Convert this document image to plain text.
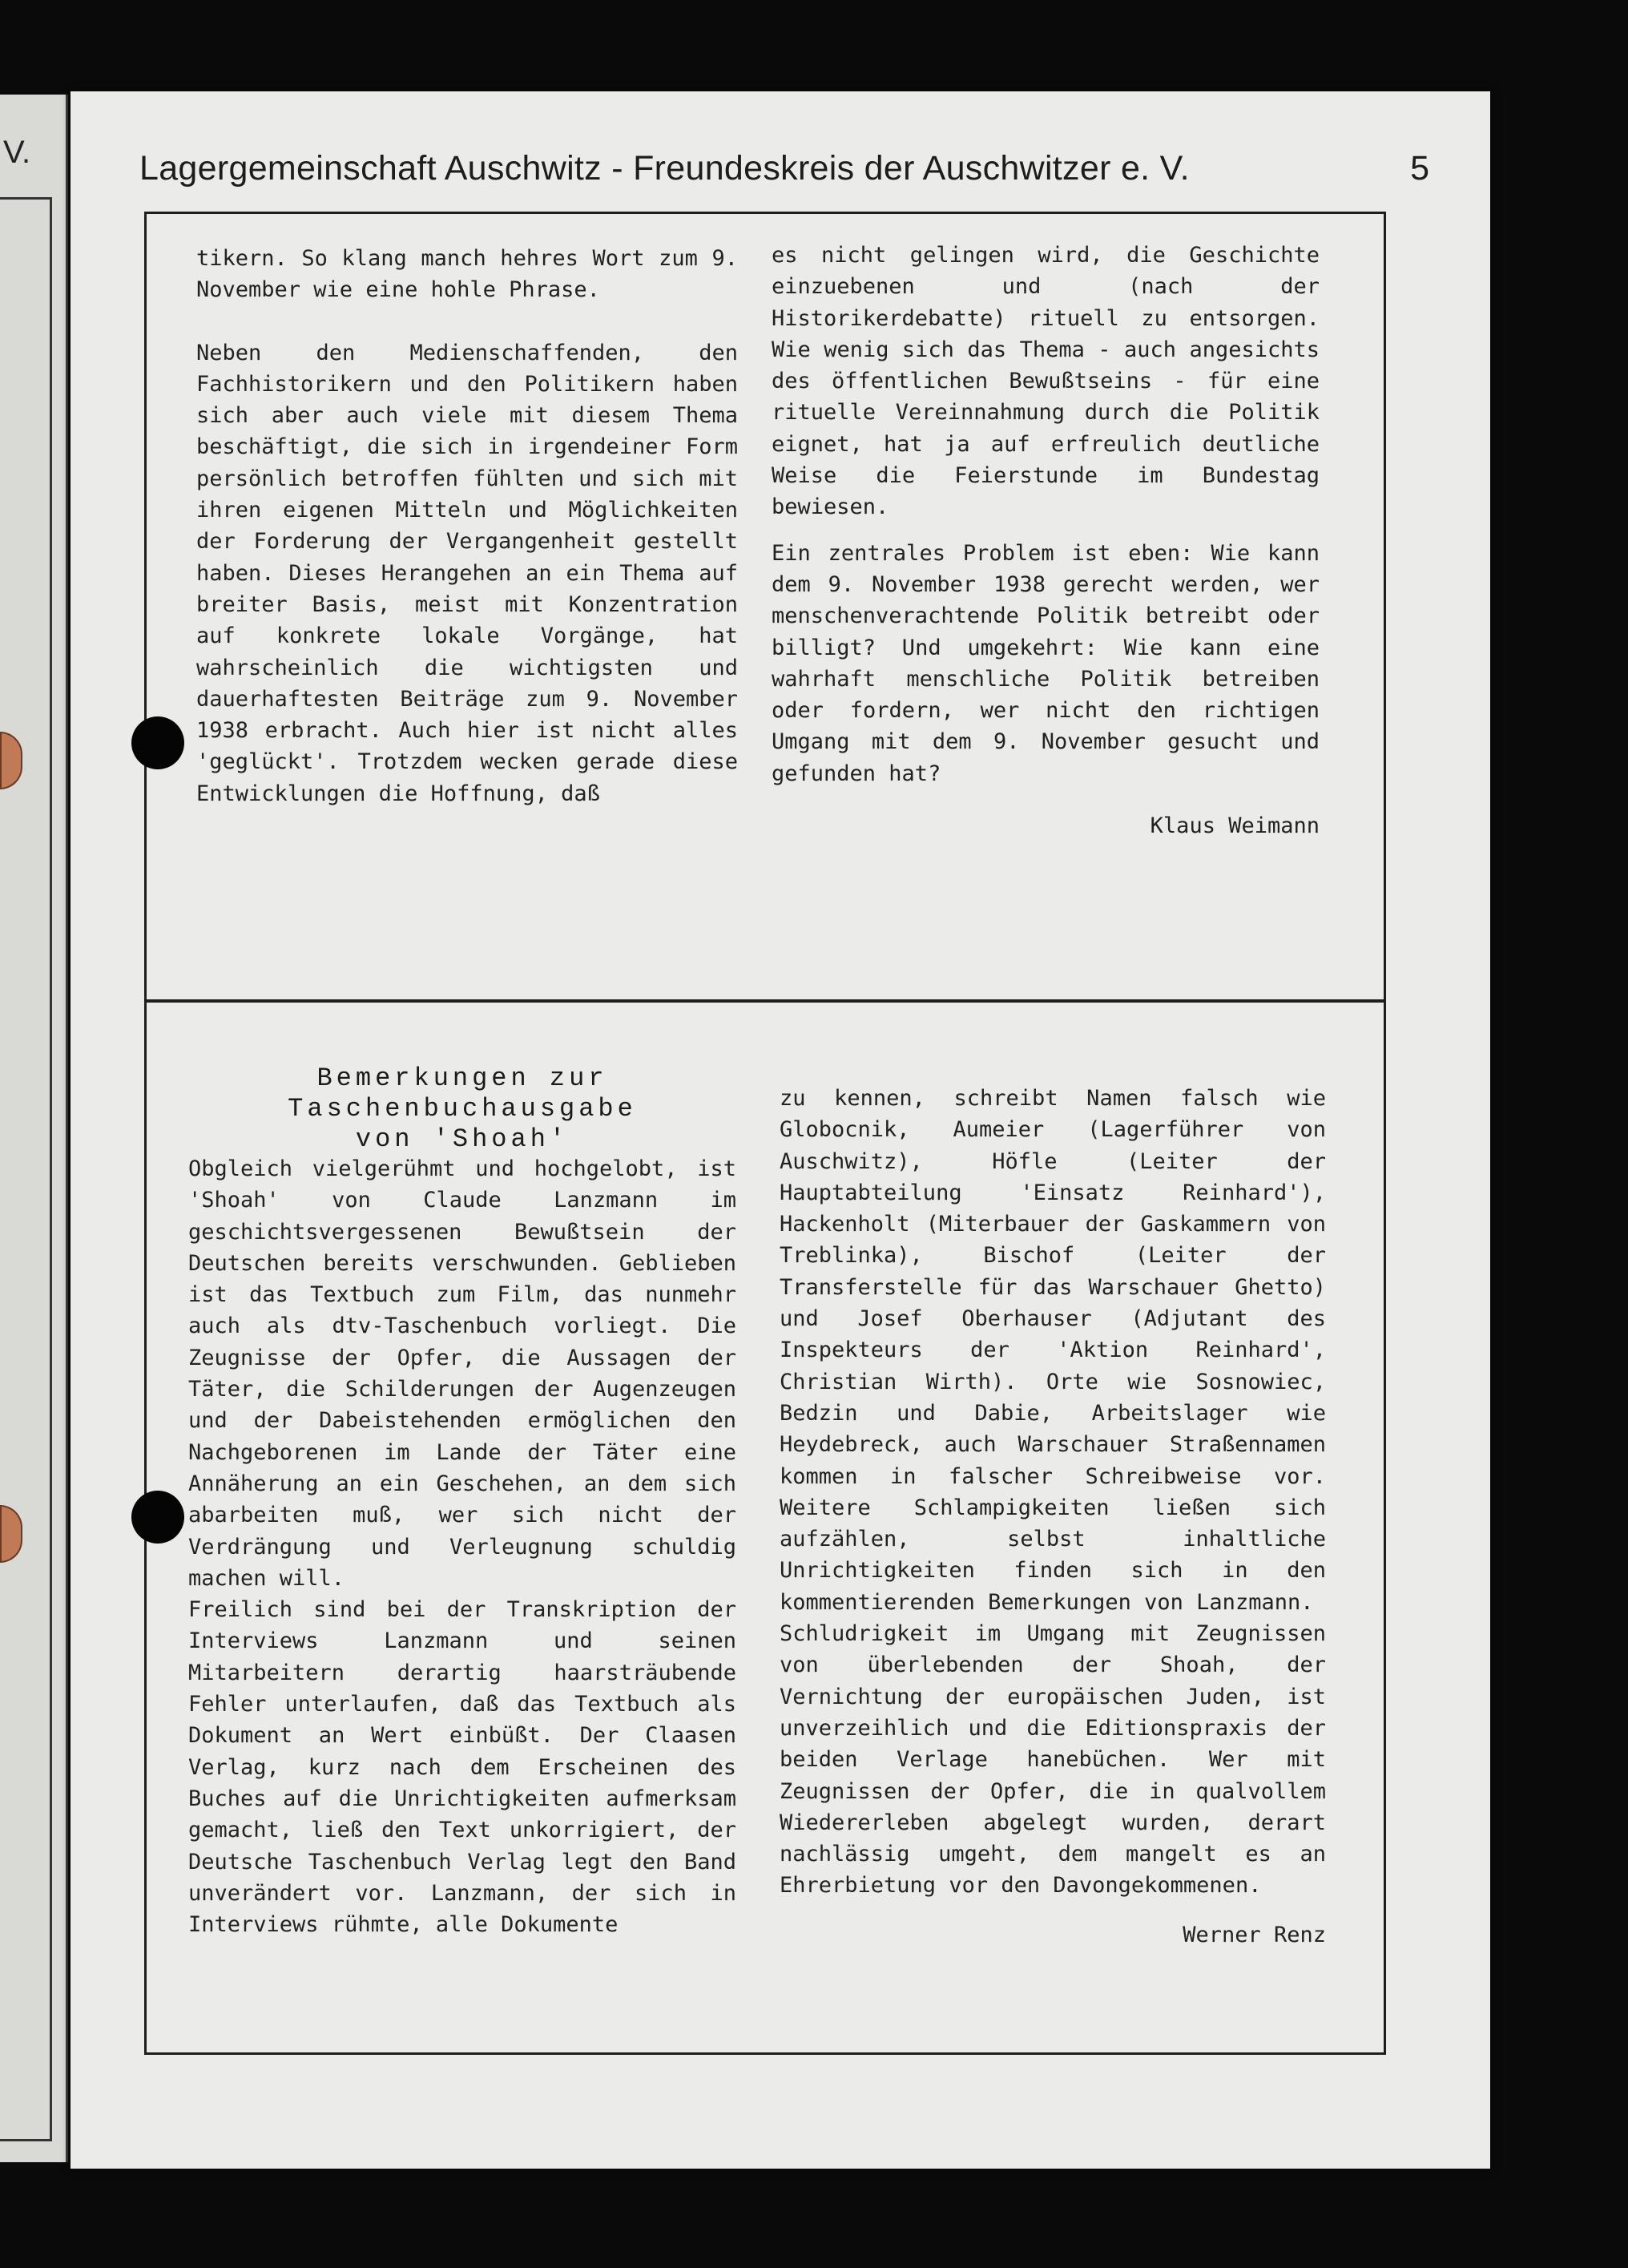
V.	Lagergemeinschaft Auschwitz - Freundeskreis der Auschwitzer e. V.	5

tikern. So klang manch hehres Wort zum 9. November wie eine hohle Phrase.

Neben den Medienschaffenden, den Fachhistorikern und den Politikern haben sich aber auch viele mit diesem Thema beschäftigt, die sich in irgendeiner Form persönlich betroffen fühlten und sich mit ihren eigenen Mitteln und Möglichkeiten der Forderung der Vergangenheit gestellt haben. Dieses Herangehen an ein Thema auf breiter Basis, meist mit Konzentration auf konkrete lokale Vorgänge, hat wahrscheinlich die wichtigsten und dauerhaftesten Beiträge zum 9. November 1938 erbracht. Auch hier ist nicht alles 'geglückt'. Trotzdem wecken gerade diese Entwicklungen die Hoffnung, daß

es nicht gelingen wird, die Geschichte einzuebenen und (nach der Historikerdebatte) rituell zu entsorgen. Wie wenig sich das Thema - auch angesichts des öffentlichen Bewußtseins - für eine rituelle Vereinnahmung durch die Politik eignet, hat ja auf erfreulich deutliche Weise die Feierstunde im Bundestag bewiesen.

Ein zentrales Problem ist eben: Wie kann dem 9. November 1938 gerecht werden, wer menschenverachtende Politik betreibt oder billigt? Und umgekehrt: Wie kann eine wahrhaft menschliche Politik betreiben oder fordern, wer nicht den richtigen Umgang mit dem 9. November gesucht und gefunden hat?

Klaus Weimann
Bemerkungen zur
Taschenbuchausgabe
von 'Shoah'

Obgleich vielgerühmt und hochgelobt, ist 'Shoah' von Claude Lanzmann im geschichtsvergessenen Bewußtsein der Deutschen bereits verschwunden. Geblieben ist das Textbuch zum Film, das nunmehr auch als dtv-Taschenbuch vorliegt. Die Zeugnisse der Opfer, die Aussagen der Täter, die Schilderungen der Augenzeugen und der Dabeistehenden ermöglichen den Nachgeborenen im Lande der Täter eine Annäherung an ein Geschehen, an dem sich abarbeiten muß, wer sich nicht der Verdrängung und Verleugnung schuldig machen will.

Freilich sind bei der Transkription der Interviews Lanzmann und seinen Mitarbeitern derartig haarsträubende Fehler unterlaufen, daß das Textbuch als Dokument an Wert einbüßt. Der Claasen Verlag, kurz nach dem Erscheinen des Buches auf die Unrichtigkeiten aufmerksam gemacht, ließ den Text unkorrigiert, der Deutsche Taschenbuch Verlag legt den Band unverändert vor. Lanzmann, der sich in Interviews rühmte, alle Dokumente

zu kennen, schreibt Namen falsch wie Globocnik, Aumeier (Lagerführer von Auschwitz), Höfle (Leiter der Hauptabteilung 'Einsatz Reinhard'), Hackenholt (Miterbauer der Gaskammern von Treblinka), Bischof (Leiter der Transferstelle für das Warschauer Ghetto) und Josef Oberhauser (Adjutant des Inspekteurs der 'Aktion Reinhard', Christian Wirth). Orte wie Sosnowiec, Bedzin und Dabie, Arbeitslager wie Heydebreck, auch Warschauer Straßennamen kommen in falscher Schreibweise vor. Weitere Schlampigkeiten ließen sich aufzählen, selbst inhaltliche Unrichtigkeiten finden sich in den kommentierenden Bemerkungen von Lanzmann.

Schludrigkeit im Umgang mit Zeugnissen von überlebenden der Shoah, der Vernichtung der europäischen Juden, ist unverzeihlich und die Editionspraxis der beiden Verlage hanebüchen. Wer mit Zeugnissen der Opfer, die in qualvollem Wiedererleben abgelegt wurden, derart nachlässig umgeht, dem mangelt es an Ehrerbietung vor den Davongekommenen.

Werner Renz
